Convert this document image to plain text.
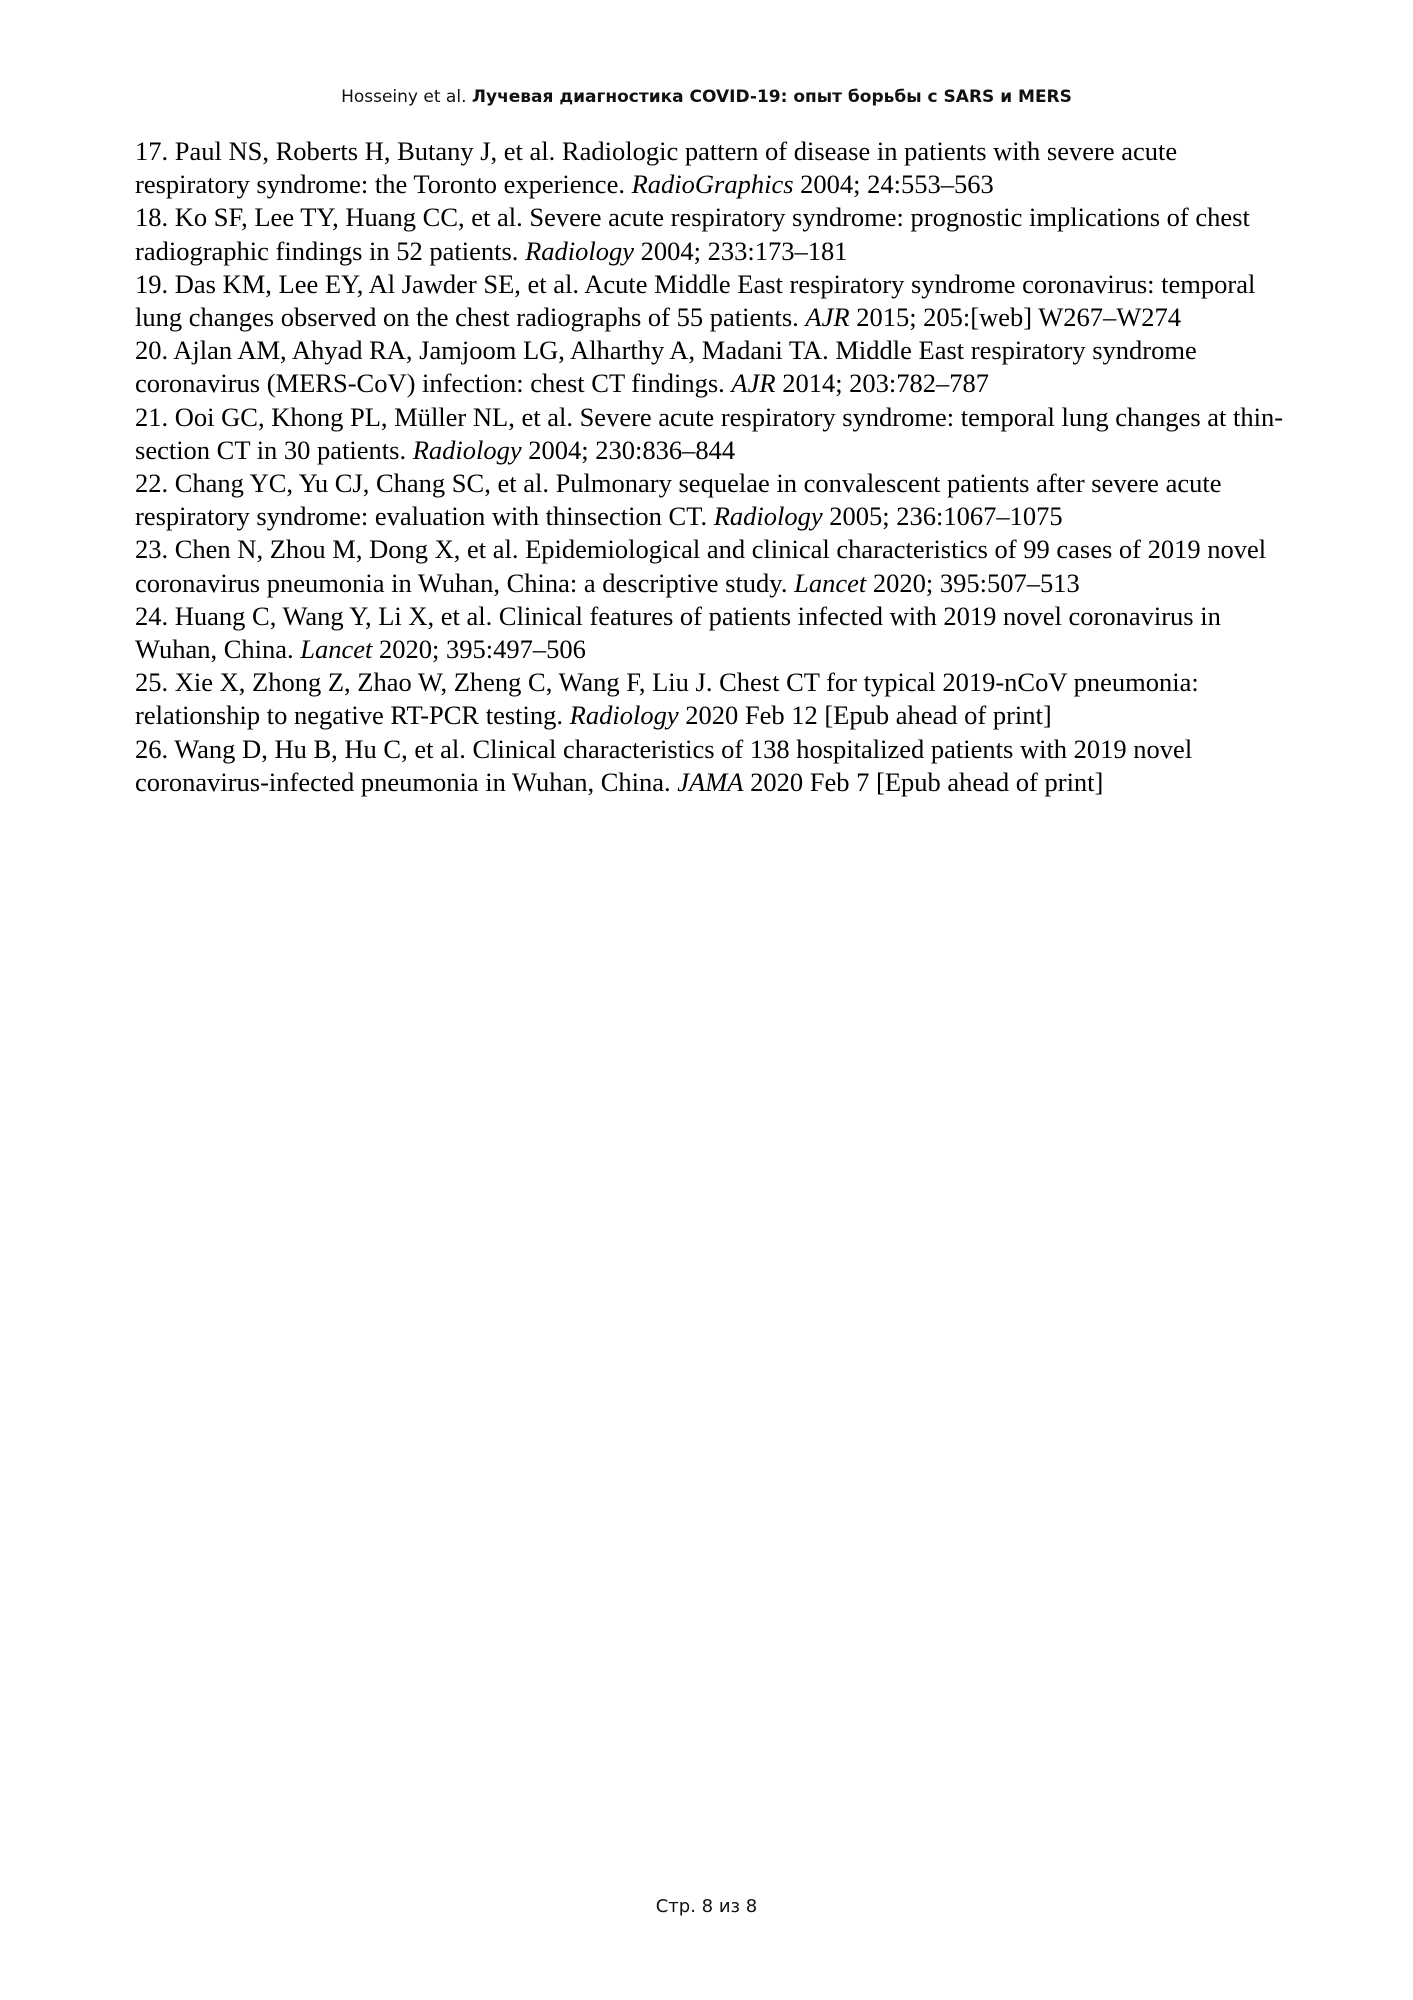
Hosseiny et al. Лучевая диагностика COVID-19: опыт борьбы с SARS и MERS
17. Paul NS, Roberts H, Butany J, et al. Radiologic pattern of disease in patients with severe acute respiratory syndrome: the Toronto experience. RadioGraphics 2004; 24:553–563
18. Ko SF, Lee TY, Huang CC, et al. Severe acute respiratory syndrome: prognostic implications of chest radiographic findings in 52 patients. Radiology 2004; 233:173–181
19. Das KM, Lee EY, Al Jawder SE, et al. Acute Middle East respiratory syndrome coronavirus: temporal lung changes observed on the chest radiographs of 55 patients. AJR 2015; 205:[web] W267–W274
20. Ajlan AM, Ahyad RA, Jamjoom LG, Alharthy A, Madani TA. Middle East respiratory syndrome coronavirus (MERS-CoV) infection: chest CT findings. AJR 2014; 203:782–787
21. Ooi GC, Khong PL, Müller NL, et al. Severe acute respiratory syndrome: temporal lung changes at thin-section CT in 30 patients. Radiology 2004; 230:836–844
22. Chang YC, Yu CJ, Chang SC, et al. Pulmonary sequelae in convalescent patients after severe acute respiratory syndrome: evaluation with thinsection CT. Radiology 2005; 236:1067–1075
23. Chen N, Zhou M, Dong X, et al. Epidemiological and clinical characteristics of 99 cases of 2019 novel coronavirus pneumonia in Wuhan, China: a descriptive study. Lancet 2020; 395:507–513
24. Huang C, Wang Y, Li X, et al. Clinical features of patients infected with 2019 novel coronavirus in Wuhan, China. Lancet 2020; 395:497–506
25. Xie X, Zhong Z, Zhao W, Zheng C, Wang F, Liu J. Chest CT for typical 2019-nCoV pneumonia: relationship to negative RT-PCR testing. Radiology 2020 Feb 12 [Epub ahead of print]
26. Wang D, Hu B, Hu C, et al. Clinical characteristics of 138 hospitalized patients with 2019 novel coronavirus-infected pneumonia in Wuhan, China. JAMA 2020 Feb 7 [Epub ahead of print]
Стр. 8 из 8
